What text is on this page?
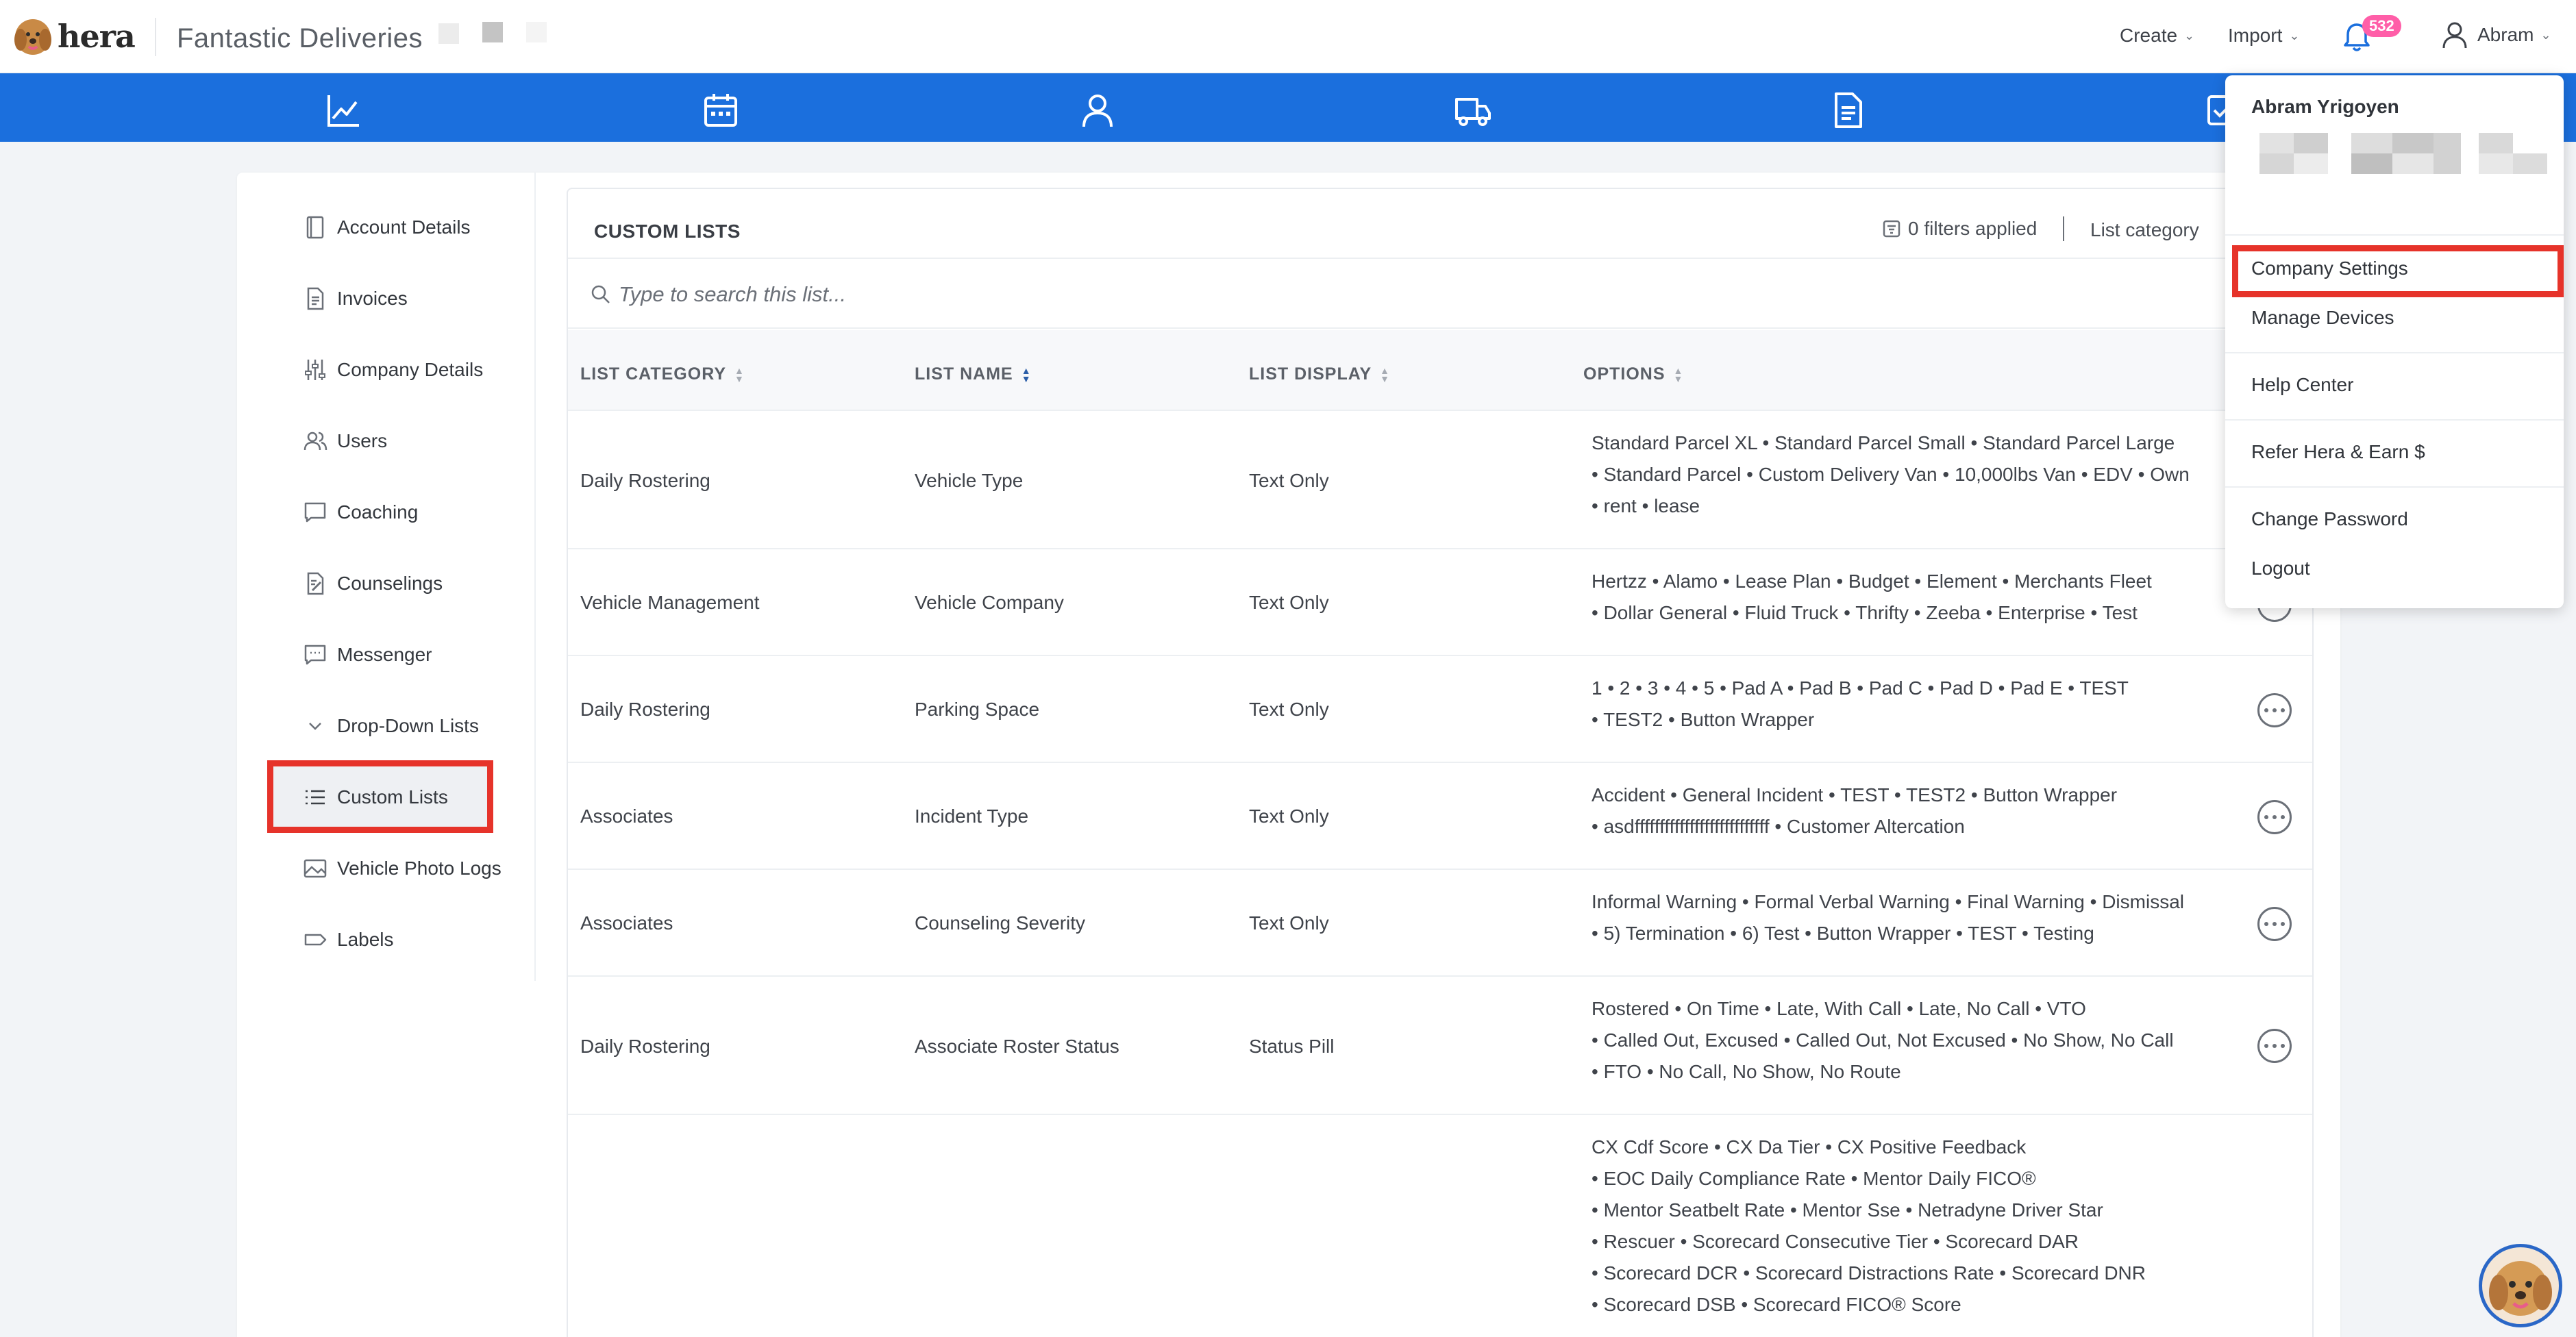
hera Fantastic Deliveries	Create ⌄ Import ⌄
532	Abram ⌄
Account Details
Invoices
Company Details
Users
Coaching
Counselings
Messenger
Drop-Down Lists
Custom Lists
Vehicle Photo Logs
Labels
CUSTOM LISTS	0 filters applied	List category
Type to search this list...
LIST CATEGORY ▲
▼	LIST NAME ▲
▼	LIST DISPLAY ▲
▼	OPTIONS ▲
▼
Daily Rostering	Vehicle Type	Text Only
Standard Parcel XL • Standard Parcel Small • Standard Parcel Large
• Standard Parcel • Custom Delivery Van • 10,000lbs Van • EDV • Own
• rent • lease
Vehicle Management	Vehicle Company	Text Only
Hertzz • Alamo • Lease Plan • Budget • Element • Merchants Fleet
• Dollar General • Fluid Truck • Thrifty • Zeeba • Enterprise • Test
Daily Rostering	Parking Space	Text Only
1 • 2 • 3 • 4 • 5 • Pad A • Pad B • Pad C • Pad D • Pad E • TEST
• TEST2 • Button Wrapper
Associates	Incident Type	Text Only
Accident • General Incident • TEST • TEST2 • Button Wrapper
• asdfffffffffffffffffffffffffff • Customer Altercation
Associates	Counseling Severity	Text Only
Informal Warning • Formal Verbal Warning • Final Warning • Dismissal
• 5) Termination • 6) Test • Button Wrapper • TEST • Testing
Daily Rostering	Associate Roster Status	Status Pill
Rostered • On Time • Late, With Call • Late, No Call • VTO
• Called Out, Excused • Called Out, Not Excused • No Show, No Call
• FTO • No Call, No Show, No Route
CX Cdf Score • CX Da Tier • CX Positive Feedback
• EOC Daily Compliance Rate • Mentor Daily FICO®
• Mentor Seatbelt Rate • Mentor Sse • Netradyne Driver Star
• Rescuer • Scorecard Consecutive Tier • Scorecard DAR
• Scorecard DCR • Scorecard Distractions Rate • Scorecard DNR
• Scorecard DSB • Scorecard FICO® Score
Abram Yrigoyen
Company Settings
Manage Devices
Help Center
Refer Hera & Earn $
Change Password
Logout
